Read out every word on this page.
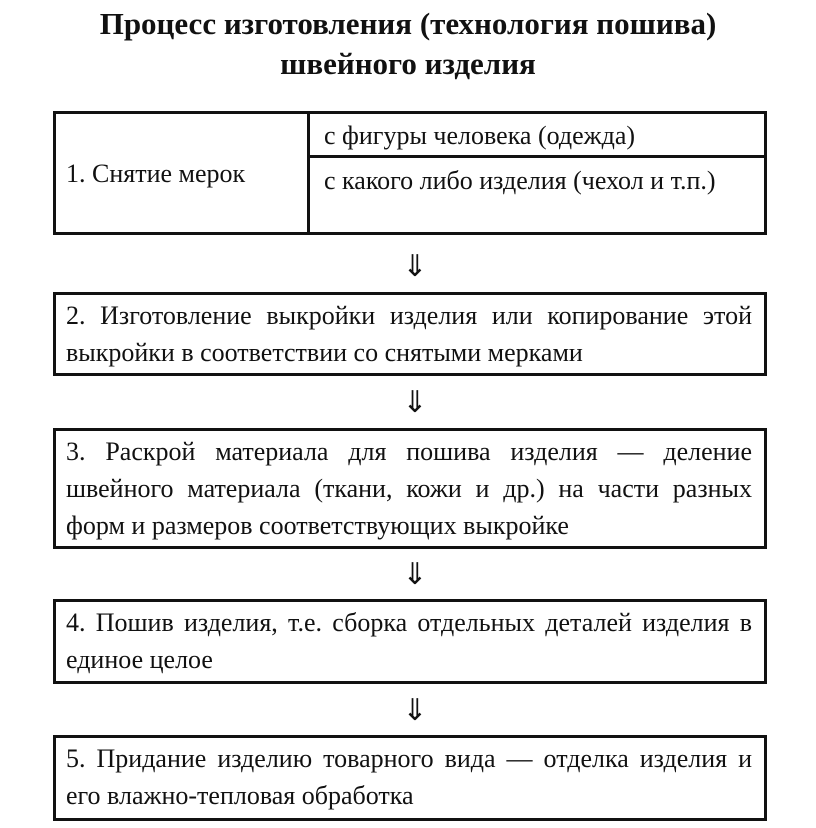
Процесс изготовления (технология пошива)
швейного изделия
1. Снятие мерок
с фигуры человека (одежда)
с какого либо изделия (чехол и т.п.)
⇓
2. Изготовление выкройки изделия или копирование этой выкройки в соответствии со снятыми мерками
⇓
3. Раскрой материала для пошива изделия — деление швейного материала (ткани, кожи и др.) на части разных форм и размеров соответствующих выкройке
⇓
4. Пошив изделия, т.е. сборка отдельных деталей изделия в единое целое
⇓
5. Придание изделию товарного вида — отделка изделия и его влажно-тепловая обработка
